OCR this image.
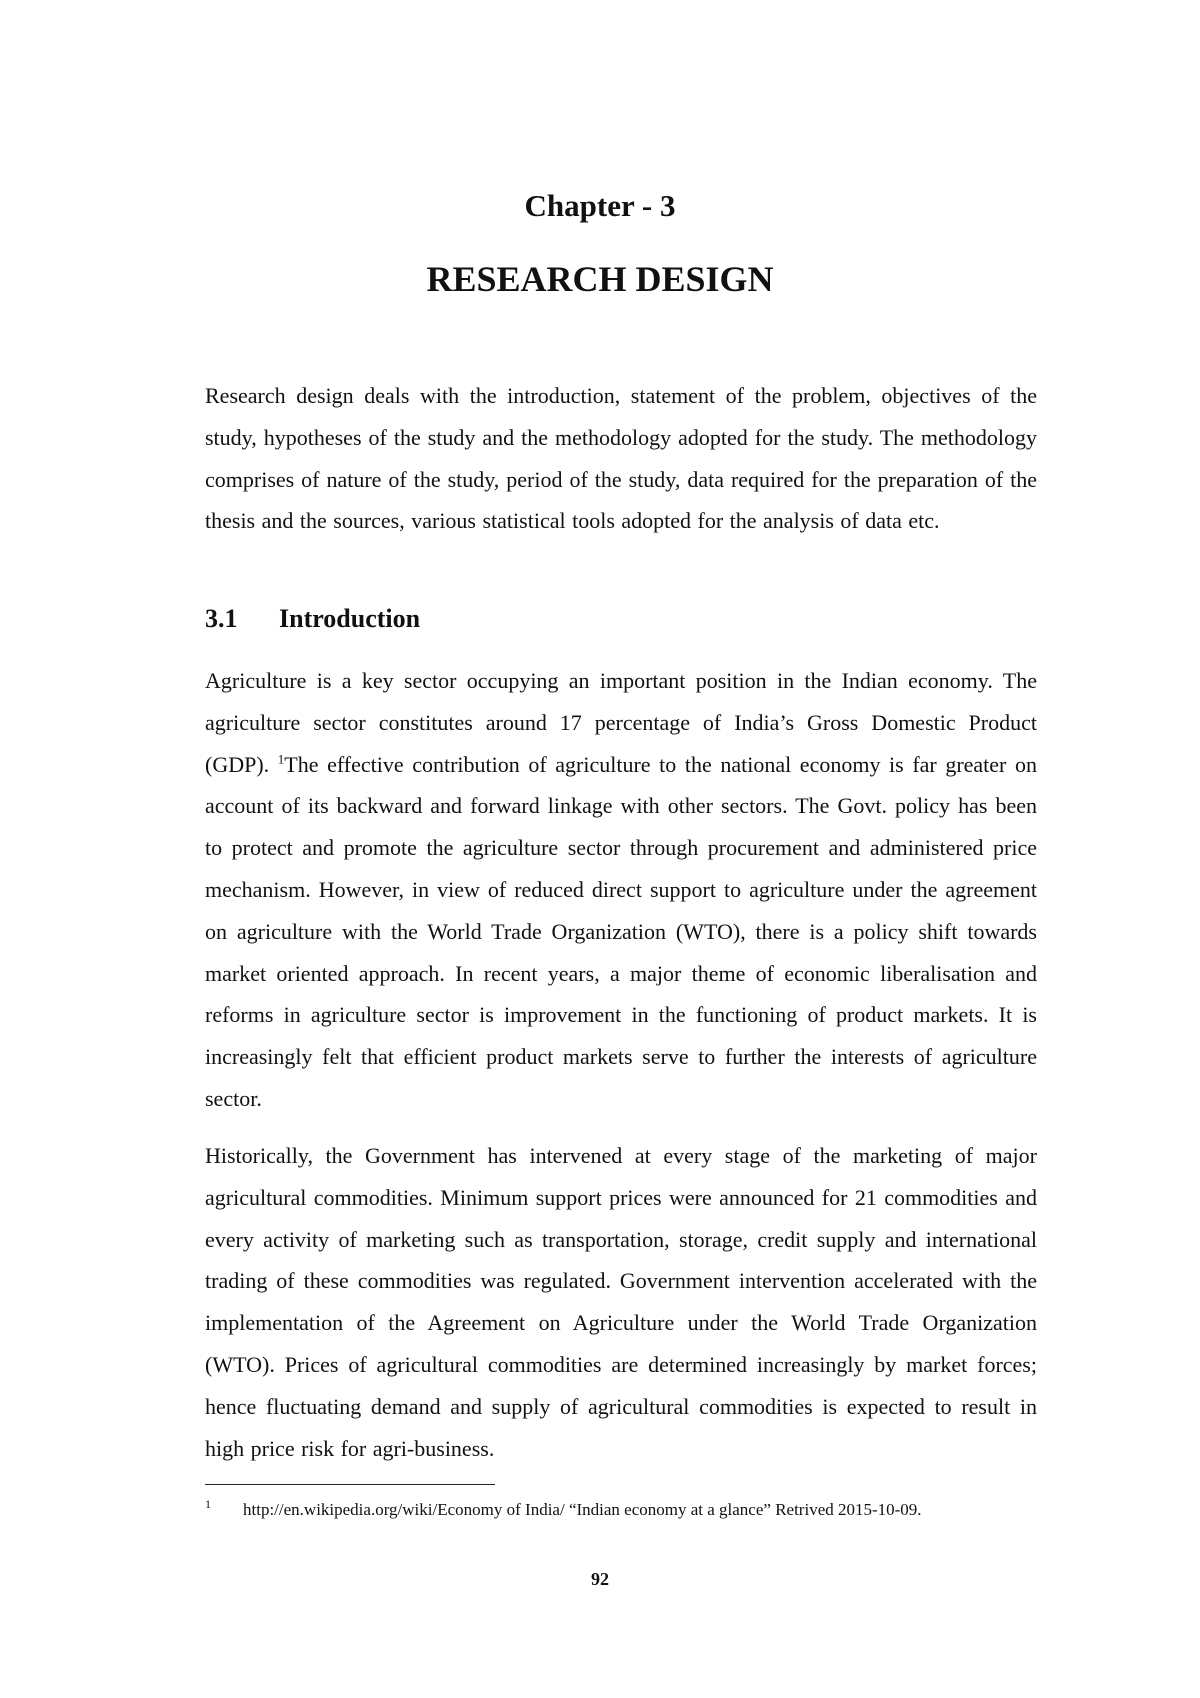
Chapter - 3
RESEARCH DESIGN

Research design deals with the introduction, statement of the problem, objectives of the study, hypotheses of the study and the methodology adopted for the study. The methodology comprises of nature of the study, period of the study, data required for the preparation of the thesis and the sources, various statistical tools adopted for the analysis of data etc.

3.1 Introduction

Agriculture is a key sector occupying an important position in the Indian economy. The agriculture sector constitutes around 17 percentage of India’s Gross Domestic Product (GDP). $^1$The effective contribution of agriculture to the national economy is far greater on account of its backward and forward linkage with other sectors. The Govt. policy has been to protect and promote the agriculture sector through procurement and administered price mechanism. However, in view of reduced direct support to agriculture under the agreement on agriculture with the World Trade Organization (WTO), there is a policy shift towards market oriented approach. In recent years, a major theme of economic liberalisation and reforms in agriculture sector is improvement in the functioning of product markets. It is increasingly felt that efficient product markets serve to further the interests of agriculture sector.

Historically, the Government has intervened at every stage of the marketing of major agricultural commodities. Minimum support prices were announced for 21 commodities and every activity of marketing such as transportation, storage, credit supply and international trading of these commodities was regulated. Government intervention accelerated with the implementation of the Agreement on Agriculture under the World Trade Organization (WTO). Prices of agricultural commodities are determined increasingly by market forces; hence fluctuating demand and supply of agricultural commodities is expected to result in high price risk for agri-business.

1 http://en.wikipedia.org/wiki/Economy of India/ “Indian economy at a glance” Retrived 2015-10-09.
92
